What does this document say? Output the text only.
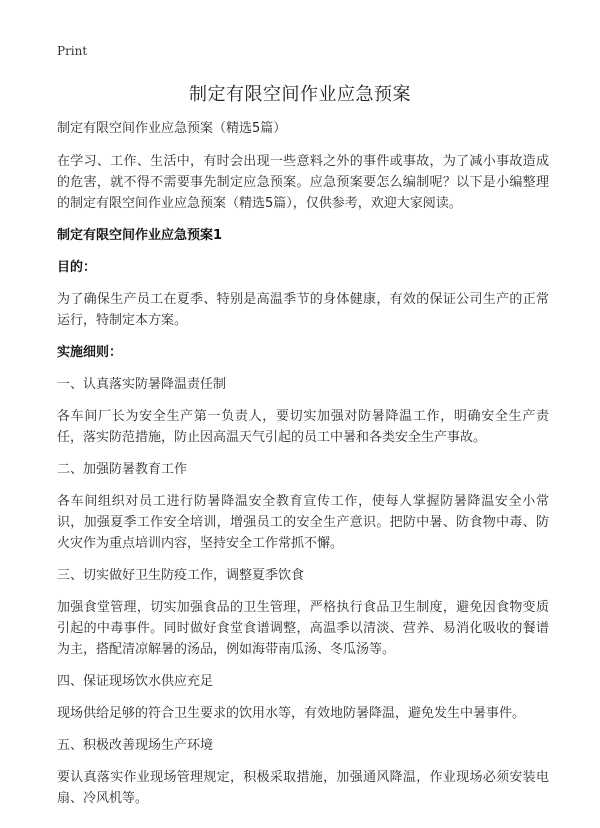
Print
制定有限空间作业应急预案

制定有限空间作业应急预案（精选5篇）

在学习、工作、生活中，有时会出现一些意料之外的事件或事故，为了减小事故造成的危害，就不得不需要事先制定应急预案。应急预案要怎么编制呢？以下是小编整理的制定有限空间作业应急预案（精选5篇），仅供参考，欢迎大家阅读。

制定有限空间作业应急预案1

目的：

为了确保生产员工在夏季、特别是高温季节的身体健康，有效的保证公司生产的正常运行，特制定本方案。

实施细则：

一、认真落实防暑降温责任制

各车间厂长为安全生产第一负责人，要切实加强对防暑降温工作，明确安全生产责任，落实防范措施，防止因高温天气引起的员工中暑和各类安全生产事故。

二、加强防暑教育工作

各车间组织对员工进行防暑降温安全教育宣传工作，使每人掌握防暑降温安全小常识，加强夏季工作安全培训，增强员工的安全生产意识。把防中暑、防食物中毒、防火灾作为重点培训内容，坚持安全工作常抓不懈。

三、切实做好卫生防疫工作，调整夏季饮食

加强食堂管理，切实加强食品的卫生管理，严格执行食品卫生制度，避免因食物变质引起的中毒事件。同时做好食堂食谱调整，高温季以清淡、营养、易消化吸收的餐谱为主，搭配清凉解暑的汤品，例如海带南瓜汤、冬瓜汤等。

四、保证现场饮水供应充足

现场供给足够的符合卫生要求的饮用水等，有效地防暑降温，避免发生中暑事件。

五、积极改善现场生产环境

要认真落实作业现场管理规定，积极采取措施，加强通风降温，作业现场必须安装电扇、冷风机等。
